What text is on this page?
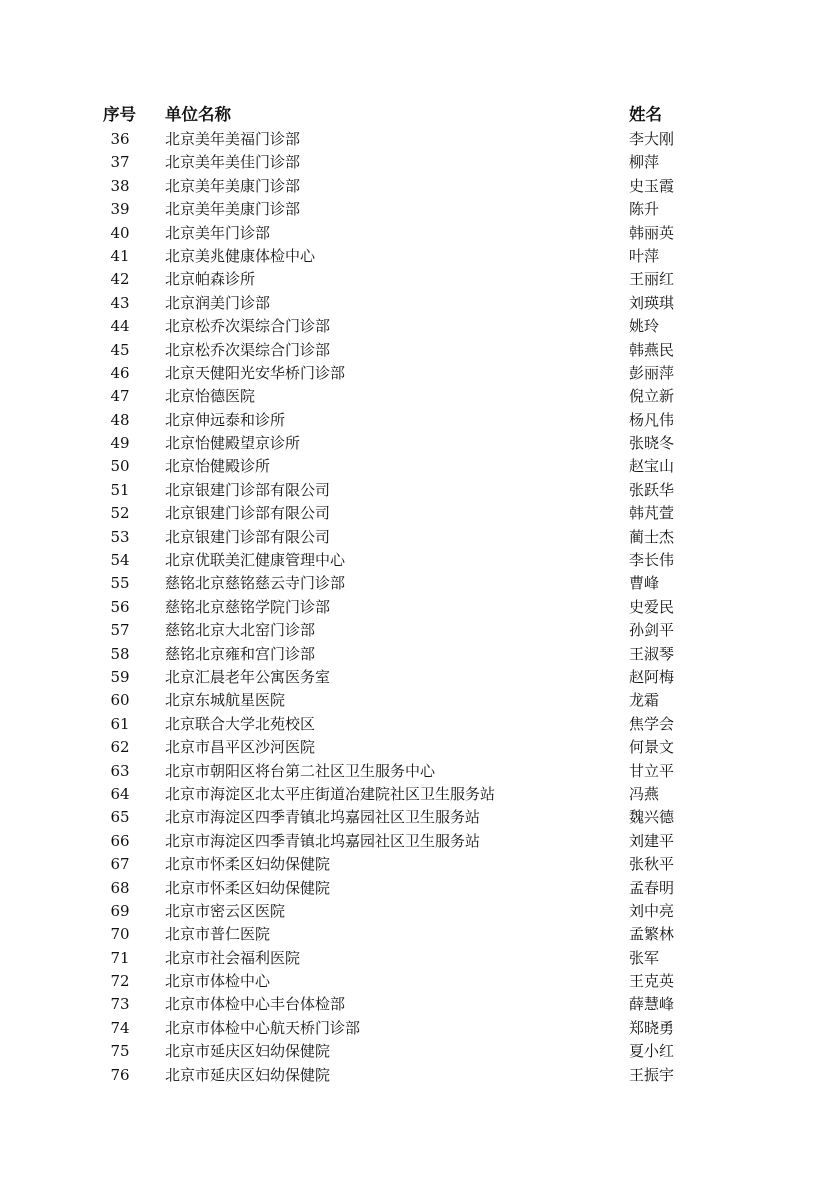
序号	单位名称	姓名
36	北京美年美福门诊部	李大刚
37	北京美年美佳门诊部	柳萍
38	北京美年美康门诊部	史玉霞
39	北京美年美康门诊部	陈升
40	北京美年门诊部	韩丽英
41	北京美兆健康体检中心	叶萍
42	北京帕森诊所	王丽红
43	北京润美门诊部	刘瑛琪
44	北京松乔次渠综合门诊部	姚玲
45	北京松乔次渠综合门诊部	韩燕民
46	北京天健阳光安华桥门诊部	彭丽萍
47	北京怡德医院	倪立新
48	北京伸远泰和诊所	杨凡伟
49	北京怡健殿望京诊所	张晓冬
50	北京怡健殿诊所	赵宝山
51	北京银建门诊部有限公司	张跃华
52	北京银建门诊部有限公司	韩芃萱
53	北京银建门诊部有限公司	蔺士杰
54	北京优联美汇健康管理中心	李长伟
55	慈铭北京慈铭慈云寺门诊部	曹峰
56	慈铭北京慈铭学院门诊部	史爱民
57	慈铭北京大北窑门诊部	孙剑平
58	慈铭北京雍和宫门诊部	王淑琴
59	北京汇晨老年公寓医务室	赵阿梅
60	北京东城航星医院	龙霜
61	北京联合大学北苑校区	焦学会
62	北京市昌平区沙河医院	何景文
63	北京市朝阳区将台第二社区卫生服务中心	甘立平
64	北京市海淀区北太平庄街道冶建院社区卫生服务站	冯燕
65	北京市海淀区四季青镇北坞嘉园社区卫生服务站	魏兴德
66	北京市海淀区四季青镇北坞嘉园社区卫生服务站	刘建平
67	北京市怀柔区妇幼保健院	张秋平
68	北京市怀柔区妇幼保健院	孟春明
69	北京市密云区医院	刘中亮
70	北京市普仁医院	孟繁林
71	北京市社会福利医院	张军
72	北京市体检中心	王克英
73	北京市体检中心丰台体检部	薛慧峰
74	北京市体检中心航天桥门诊部	郑晓勇
75	北京市延庆区妇幼保健院	夏小红
76	北京市延庆区妇幼保健院	王振宇
